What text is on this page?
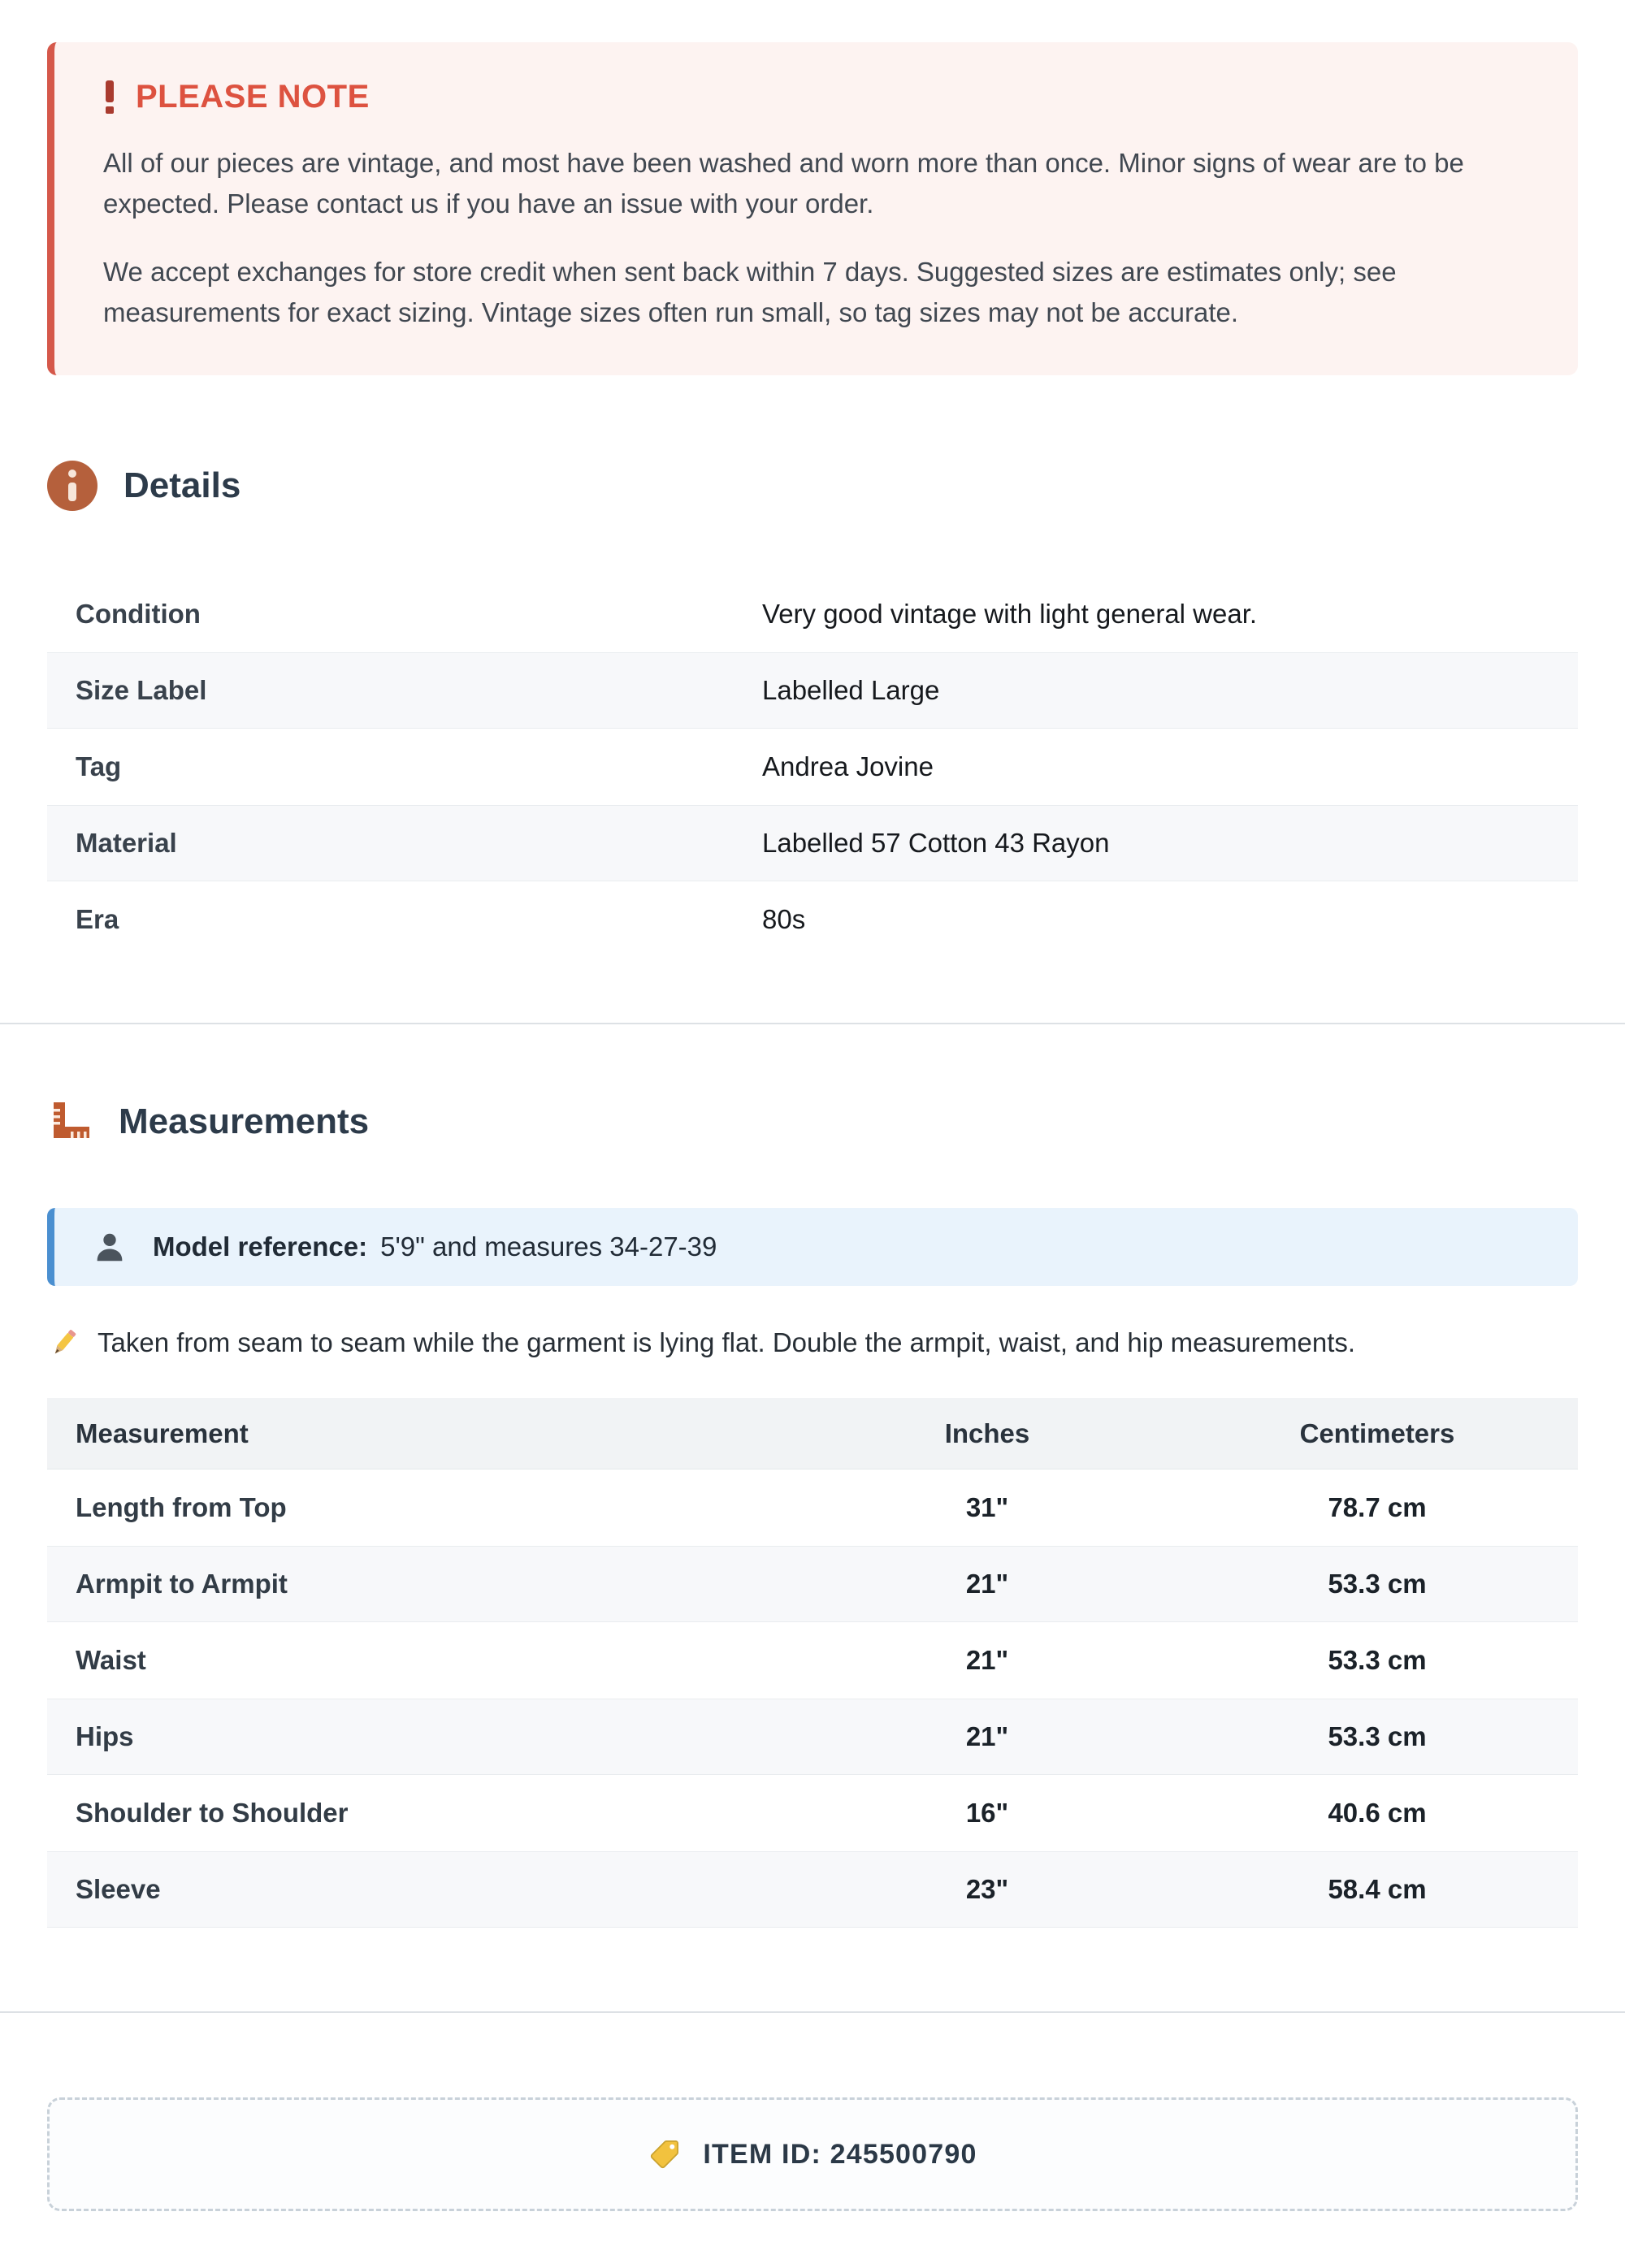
PLEASE NOTE

All of our pieces are vintage, and most have been washed and worn more than once. Minor signs of wear are to be expected. Please contact us if you have an issue with your order.

We accept exchanges for store credit when sent back within 7 days. Suggested sizes are estimates only; see measurements for exact sizing. Vintage sizes often run small, so tag sizes may not be accurate.

Details
Condition	Very good vintage with light general wear.
Size Label	Labelled Large
Tag	Andrea Jovine
Material	Labelled 57 Cotton 43 Rayon
Era	80s
Measurements
Model reference: 5'9" and measures 34-27-39
Taken from seam to seam while the garment is lying flat. Double the armpit, waist, and hip measurements.
Measurement	Inches	Centimeters
Length from Top	31"	78.7 cm
Armpit to Armpit	21"	53.3 cm
Waist	21"	53.3 cm
Hips	21"	53.3 cm
Shoulder to Shoulder	16"	40.6 cm
Sleeve	23"	58.4 cm
ITEM ID: 245500790
